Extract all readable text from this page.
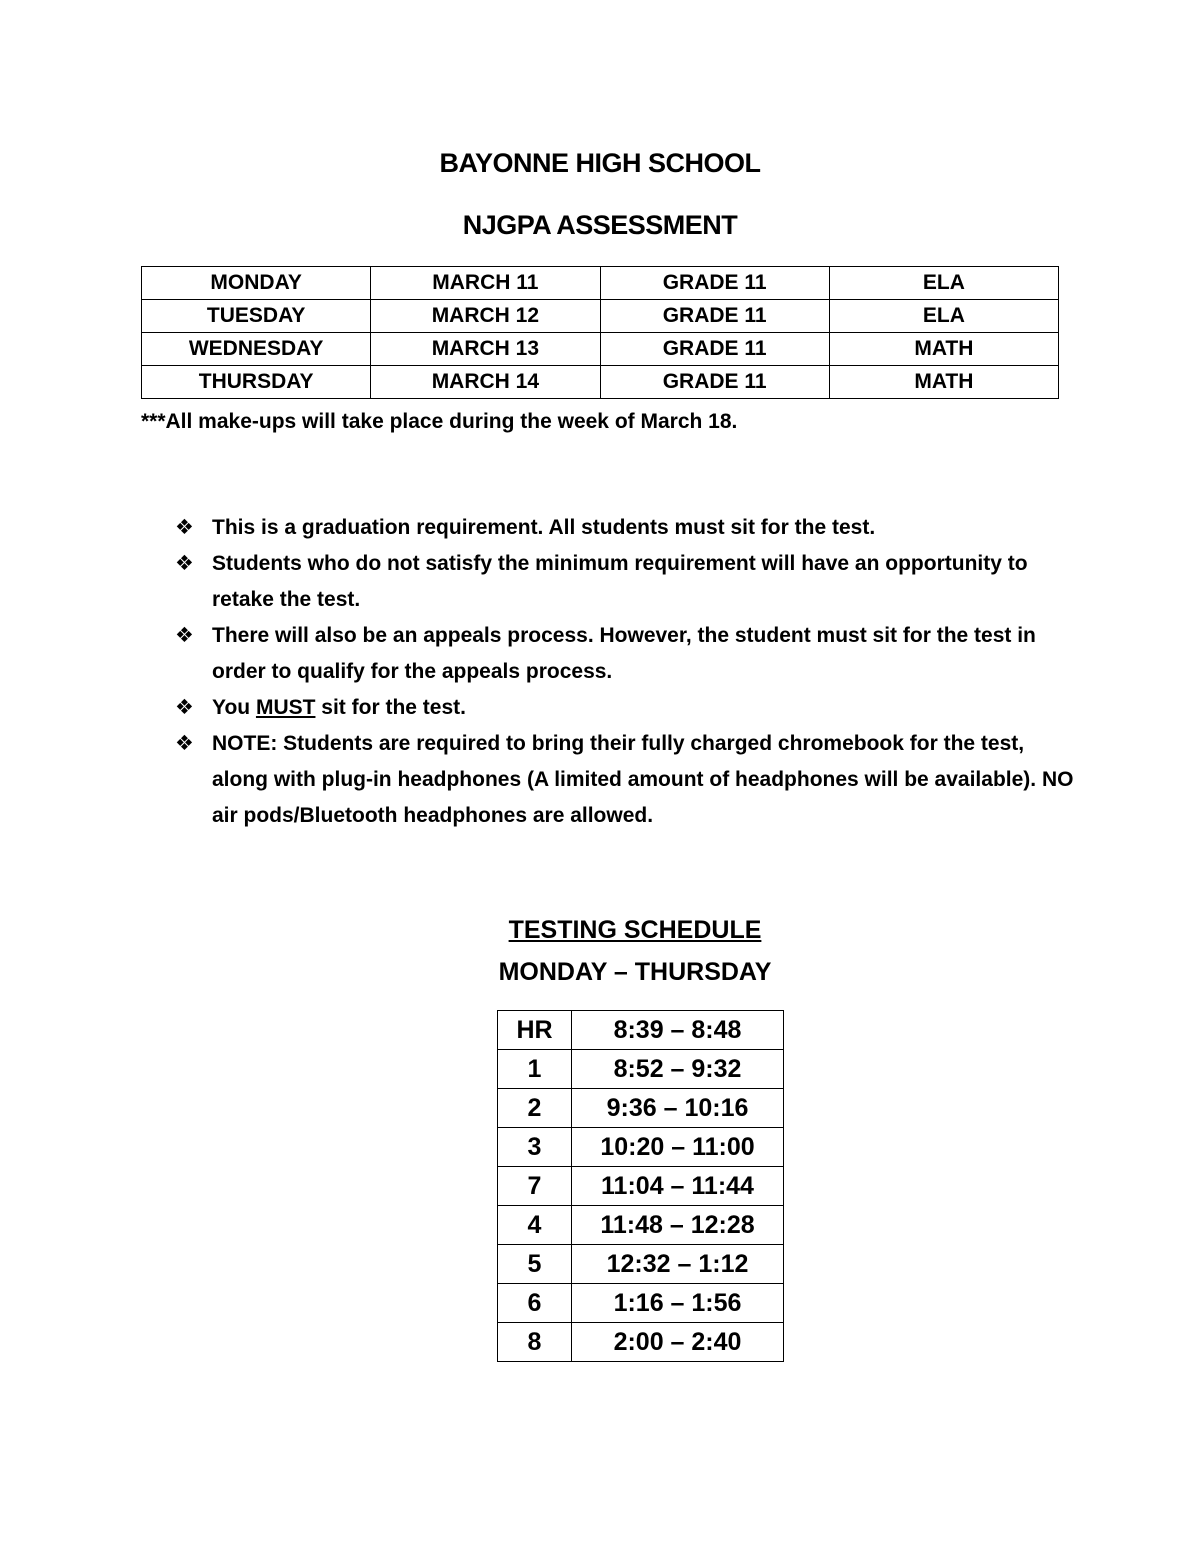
BAYONNE HIGH SCHOOL
NJGPA ASSESSMENT
MONDAY	MARCH 11	GRADE 11	ELA
TUESDAY	MARCH 12	GRADE 11	ELA
WEDNESDAY	MARCH 13	GRADE 11	MATH
THURSDAY	MARCH 14	GRADE 11	MATH
***All make-ups will take place during the week of March 18.
❖ This is a graduation requirement. All students must sit for the test.
❖ Students who do not satisfy the minimum requirement will have an opportunity to retake the test.
❖ There will also be an appeals process. However, the student must sit for the test in order to qualify for the appeals process.
❖ You MUST sit for the test.
❖ NOTE: Students are required to bring their fully charged chromebook for the test, along with plug-in headphones (A limited amount of headphones will be available). NO air pods/Bluetooth headphones are allowed.
TESTING SCHEDULE
MONDAY – THURSDAY
HR	8:39 – 8:48
1	8:52 – 9:32
2	9:36 – 10:16
3	10:20 – 11:00
7	11:04 – 11:44
4	11:48 – 12:28
5	12:32 – 1:12
6	1:16 – 1:56
8	2:00 – 2:40
